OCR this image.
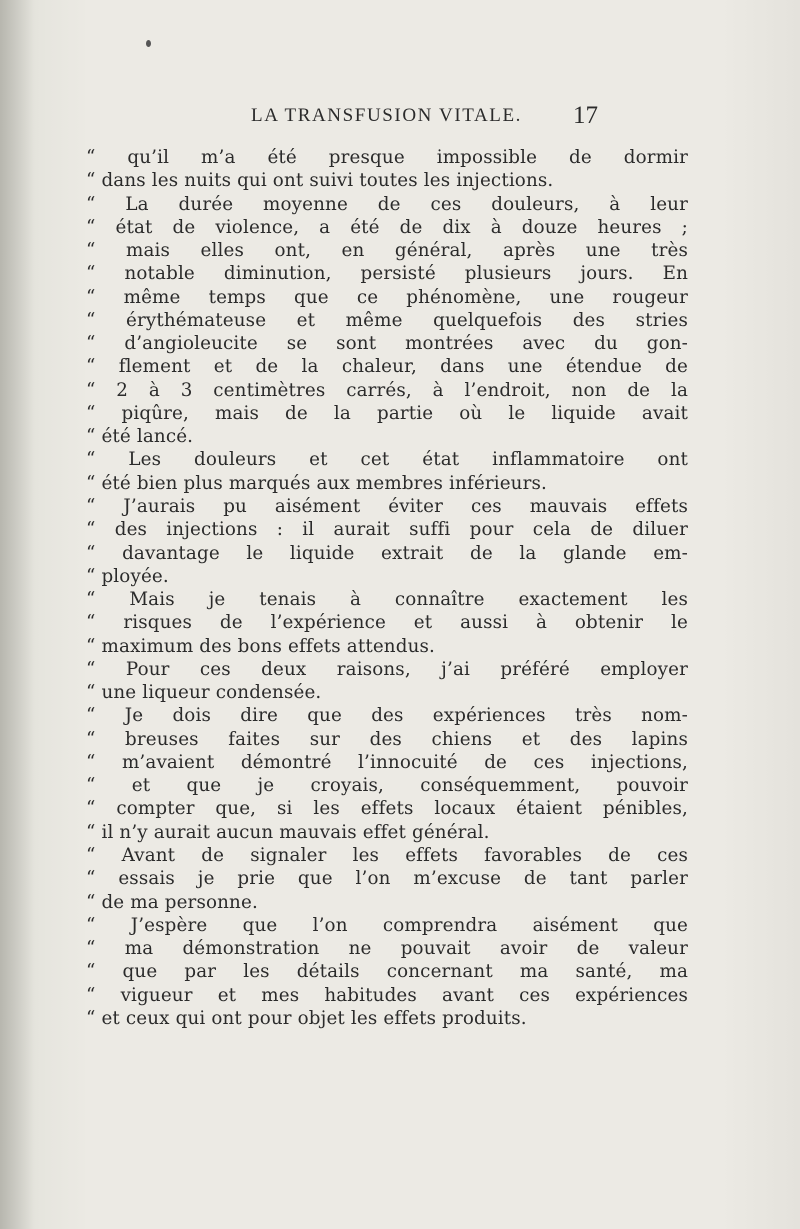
LA TRANSFUSION VITALE. 17
“ qu’il m’a été presque impossible de dormir
“ dans les nuits qui ont suivi toutes les injections.
“ La durée moyenne de ces douleurs, à leur
“ état de violence, a été de dix à douze heures ;
“ mais elles ont, en général, après une très
“ notable diminution, persisté plusieurs jours. En
“ même temps que ce phénomène, une rougeur
“ érythémateuse et même quelquefois des stries
“ d’angioleucite se sont montrées avec du gon-
“ flement et de la chaleur, dans une étendue de
“ 2 à 3 centimètres carrés, à l’endroit, non de la
“ piqûre, mais de la partie où le liquide avait
“ été lancé.
“ Les douleurs et cet état inflammatoire ont
“ été bien plus marqués aux membres inférieurs.
“ J’aurais pu aisément éviter ces mauvais effets
“ des injections : il aurait suffi pour cela de diluer
“ davantage le liquide extrait de la glande em-
“ ployée.
“ Mais je tenais à connaître exactement les
“ risques de l’expérience et aussi à obtenir le
“ maximum des bons effets attendus.
“ Pour ces deux raisons, j’ai préféré employer
“ une liqueur condensée.
“ Je dois dire que des expériences très nom-
“ breuses faites sur des chiens et des lapins
“ m’avaient démontré l’innocuité de ces injections,
“ et que je croyais, conséquemment, pouvoir
“ compter que, si les effets locaux étaient pénibles,
“ il n’y aurait aucun mauvais effet général.
“ Avant de signaler les effets favorables de ces
“ essais je prie que l’on m’excuse de tant parler
“ de ma personne.
“ J’espère que l’on comprendra aisément que
“ ma démonstration ne pouvait avoir de valeur
“ que par les détails concernant ma santé, ma
“ vigueur et mes habitudes avant ces expériences
“ et ceux qui ont pour objet les effets produits.
